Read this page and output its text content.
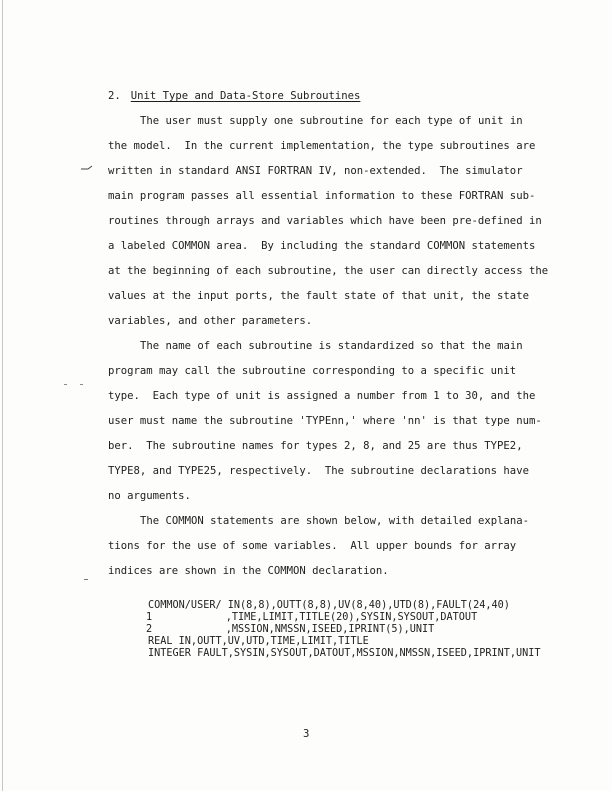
2. Unit Type and Data-Store Subroutines
The user must supply one subroutine for each type of unit in
the model.  In the current implementation, the type subroutines are
written in standard ANSI FORTRAN IV, non-extended.  The simulator
main program passes all essential information to these FORTRAN sub-
routines through arrays and variables which have been pre-defined in
a labeled COMMON area.  By including the standard COMMON statements
at the beginning of each subroutine, the user can directly access the
values at the input ports, the fault state of that unit, the state
variables, and other parameters.
The name of each subroutine is standardized so that the main
program may call the subroutine corresponding to a specific unit
type.  Each type of unit is assigned a number from 1 to 30, and the
user must name the subroutine 'TYPEnn,' where 'nn' is that type num-
ber.  The subroutine names for types 2, 8, and 25 are thus TYPE2,
TYPE8, and TYPE25, respectively.  The subroutine declarations have
no arguments.
The COMMON statements are shown below, with detailed explana-
tions for the use of some variables.  All upper bounds for array
indices are shown in the COMMON declaration.
COMMON/USER/ IN(8,8),OUTT(8,8),UV(8,40),UTD(8),FAULT(24,40)
1            ,TIME,LIMIT,TITLE(20),SYSIN,SYSOUT,DATOUT
2            ,MSSION,NMSSN,ISEED,IPRINT(5),UNIT
REAL IN,OUTT,UV,UTD,TIME,LIMIT,TITLE
INTEGER FAULT,SYSIN,SYSOUT,DATOUT,MSSION,NMSSN,ISEED,IPRINT,UNIT
3
